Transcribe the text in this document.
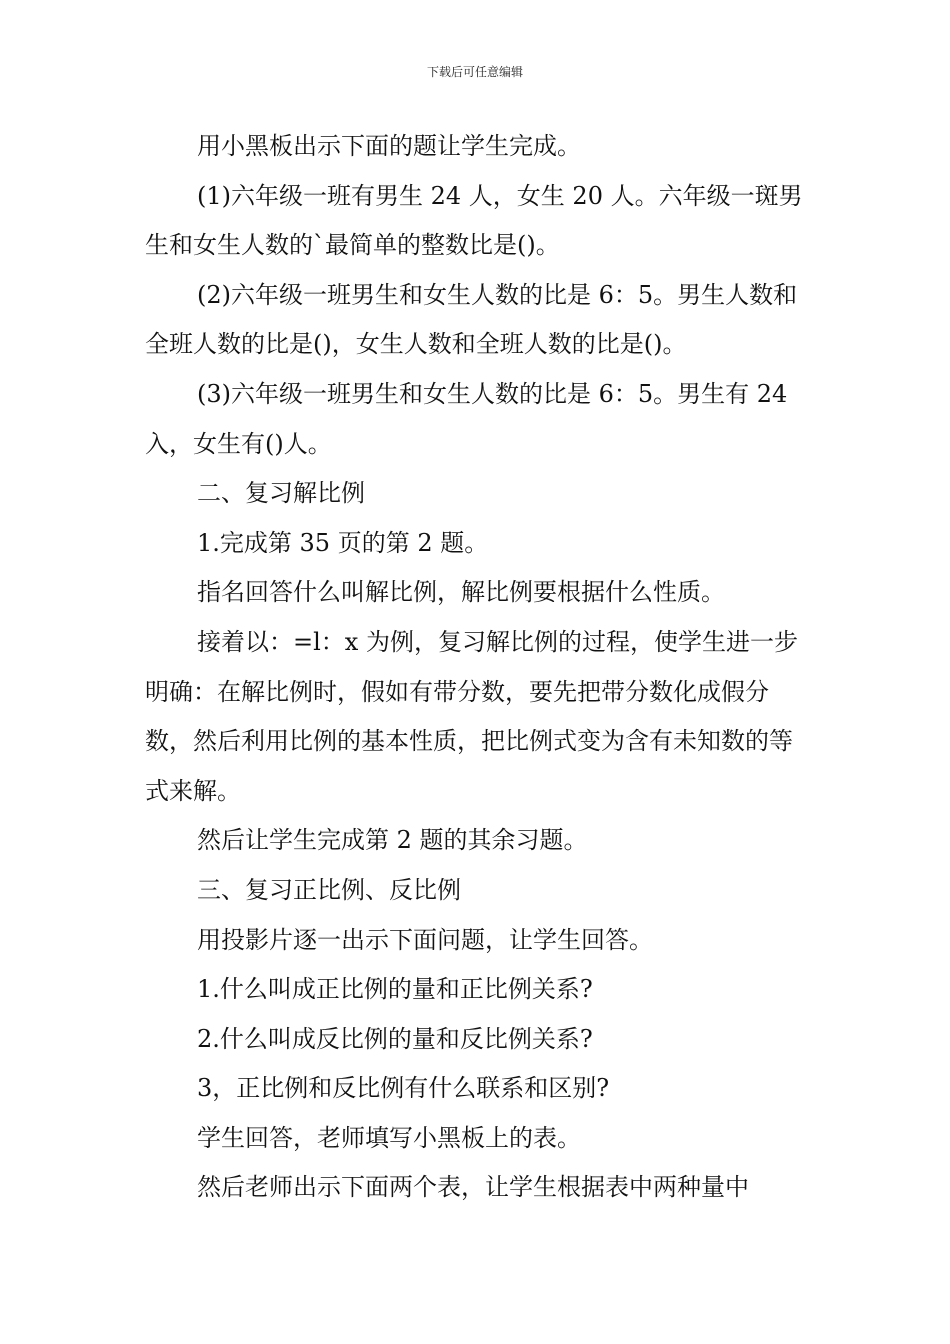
下载后可任意编辑

用小黑板出示下面的题让学生完成。

(1)六年级一班有男生 24 人，女生 20 人。六年级一斑男生和女生人数的`最简单的整数比是()。

(2)六年级一班男生和女生人数的比是 6：5。男生人数和全班人数的比是()，女生人数和全班人数的比是()。

(3)六年级一班男生和女生人数的比是 6：5。男生有 24入，女生有()人。

二、复习解比例

1.完成第 35 页的第 2 题。

指名回答什么叫解比例，解比例要根据什么性质。

接着以：=l：x 为例，复习解比例的过程，使学生进一步明确：在解比例时，假如有带分数，要先把带分数化成假分数，然后利用比例的基本性质，把比例式变为含有未知数的等式来解。

然后让学生完成第 2 题的其余习题。

三、复习正比例、反比例

用投影片逐一出示下面问题，让学生回答。

1.什么叫成正比例的量和正比例关系?

2.什么叫成反比例的量和反比例关系?

3，正比例和反比例有什么联系和区别?

学生回答，老师填写小黑板上的表。

然后老师出示下面两个表，让学生根据表中两种量中
